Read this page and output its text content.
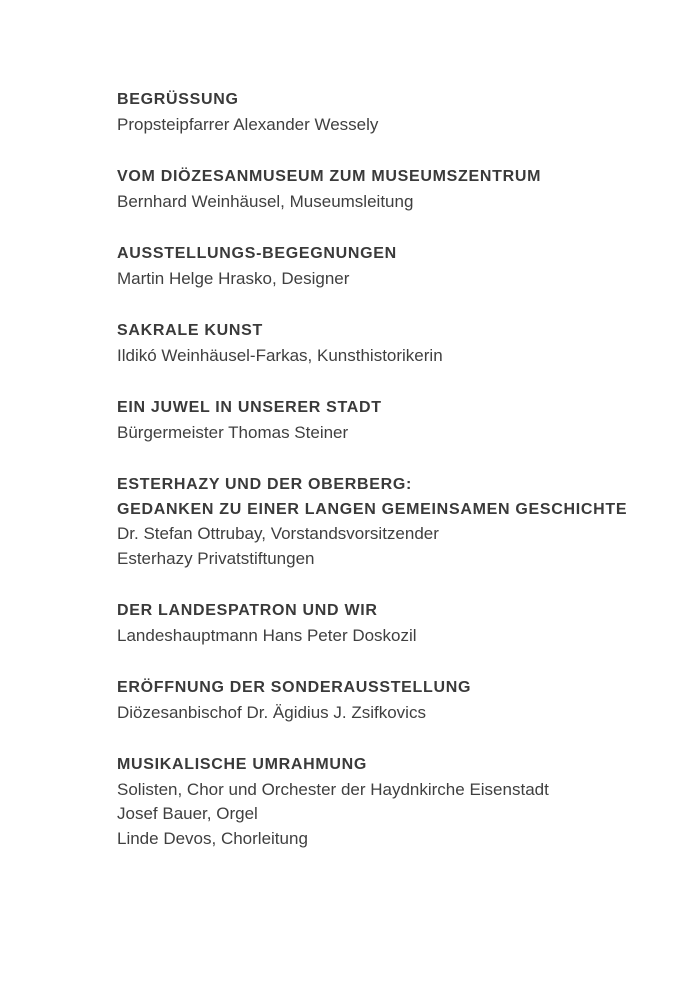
BEGRÜSSUNG
Propsteipfarrer Alexander Wessely
VOM DIÖZESANMUSEUM ZUM MUSEUMSZENTRUM
Bernhard Weinhäusel, Museumsleitung
AUSSTELLUNGS-BEGEGNUNGEN
Martin Helge Hrasko, Designer
SAKRALE KUNST
Ildikó Weinhäusel-Farkas, Kunsthistorikerin
EIN JUWEL IN UNSERER STADT
Bürgermeister Thomas Steiner
ESTERHAZY UND DER OBERBERG:
GEDANKEN ZU EINER LANGEN GEMEINSAMEN GESCHICHTE
Dr. Stefan Ottrubay, Vorstandsvorsitzender
Esterhazy Privatstiftungen
DER LANDESPATRON UND WIR
Landeshauptmann Hans Peter Doskozil
ERÖFFNUNG DER SONDERAUSSTELLUNG
Diözesanbischof Dr. Ägidius J. Zsifkovics
MUSIKALISCHE UMRAHMUNG
Solisten, Chor und Orchester der Haydnkirche Eisenstadt
Josef Bauer, Orgel
Linde Devos, Chorleitung
